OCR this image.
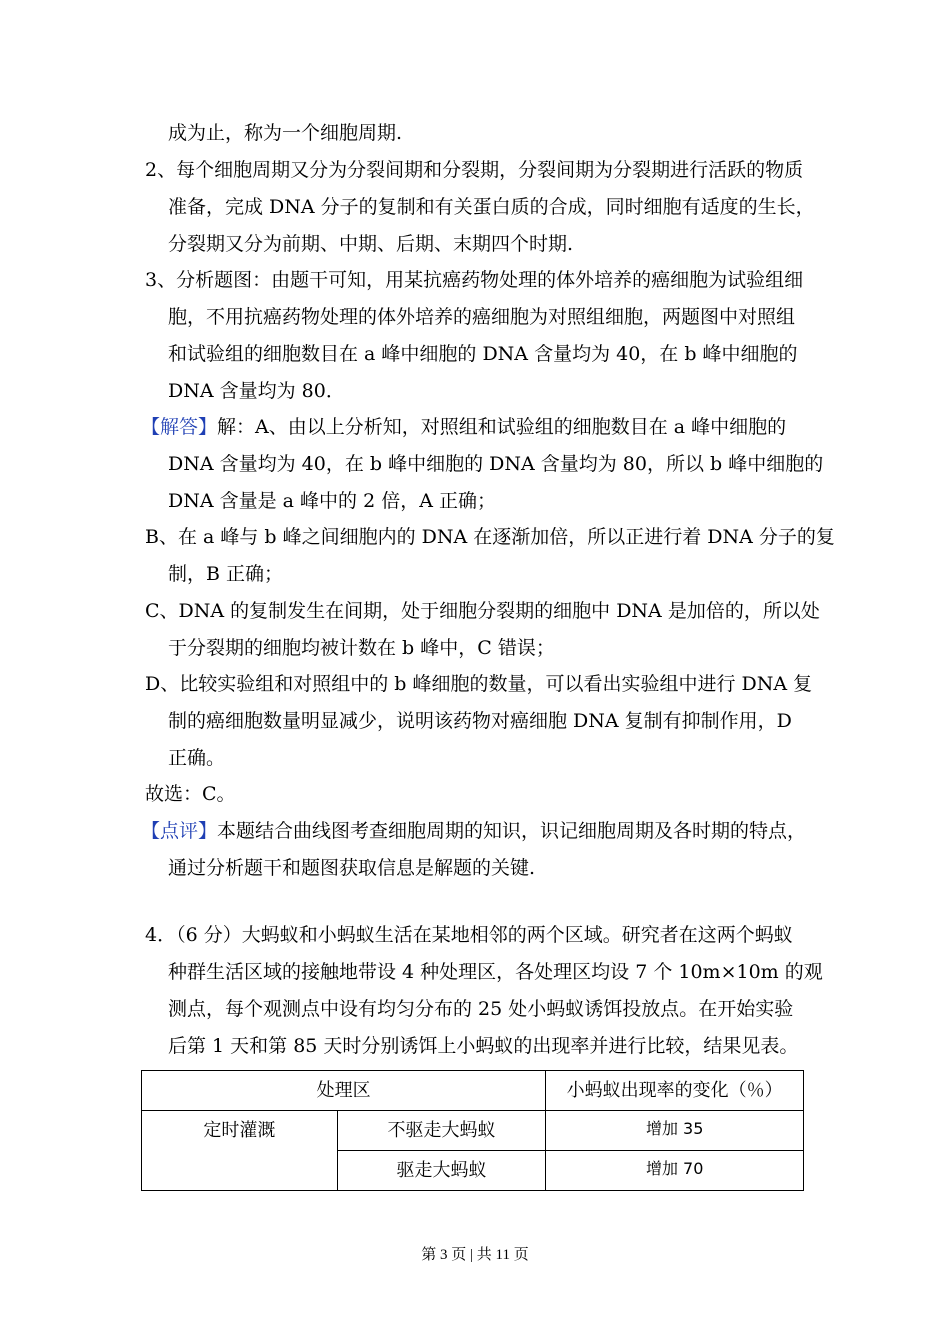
成为止，称为一个细胞周期.
2、每个细胞周期又分为分裂间期和分裂期，分裂间期为分裂期进行活跃的物质
准备，完成 DNA 分子的复制和有关蛋白质的合成，同时细胞有适度的生长，
分裂期又分为前期、中期、后期、末期四个时期.
3、分析题图：由题干可知，用某抗癌药物处理的体外培养的癌细胞为试验组细
胞，不用抗癌药物处理的体外培养的癌细胞为对照组细胞，两题图中对照组
和试验组的细胞数目在 a 峰中细胞的 DNA 含量均为 40，在 b 峰中细胞的
DNA 含量均为 80．
【解答】解：A、由以上分析知，对照组和试验组的细胞数目在 a 峰中细胞的
DNA 含量均为 40，在 b 峰中细胞的 DNA 含量均为 80，所以 b 峰中细胞的
DNA 含量是 a 峰中的 2 倍，A 正确；
B、在 a 峰与 b 峰之间细胞内的 DNA 在逐渐加倍，所以正进行着 DNA 分子的复
制，B 正确；
C、DNA 的复制发生在间期，处于细胞分裂期的细胞中 DNA 是加倍的，所以处
于分裂期的细胞均被计数在 b 峰中，C 错误；
D、比较实验组和对照组中的 b 峰细胞的数量，可以看出实验组中进行 DNA 复
制的癌细胞数量明显减少，说明该药物对癌细胞 DNA 复制有抑制作用，D
正确。
故选：C。
【点评】本题结合曲线图考查细胞周期的知识，识记细胞周期及各时期的特点，
通过分析题干和题图获取信息是解题的关键.
4．（6 分）大蚂蚁和小蚂蚁生活在某地相邻的两个区域。研究者在这两个蚂蚁
种群生活区域的接触地带设 4 种处理区，各处理区均设 7 个 10m×10m 的观
测点，每个观测点中设有均匀分布的 25 处小蚂蚁诱饵投放点。在开始实验
后第 1 天和第 85 天时分别诱饵上小蚂蚁的出现率并进行比较，结果见表。
处理区		小蚂蚁出现率的变化（％）
定时灌溉	不驱走大蚂蚁	增加 35
	驱走大蚂蚁	增加 70
第 3 页 | 共 11 页
